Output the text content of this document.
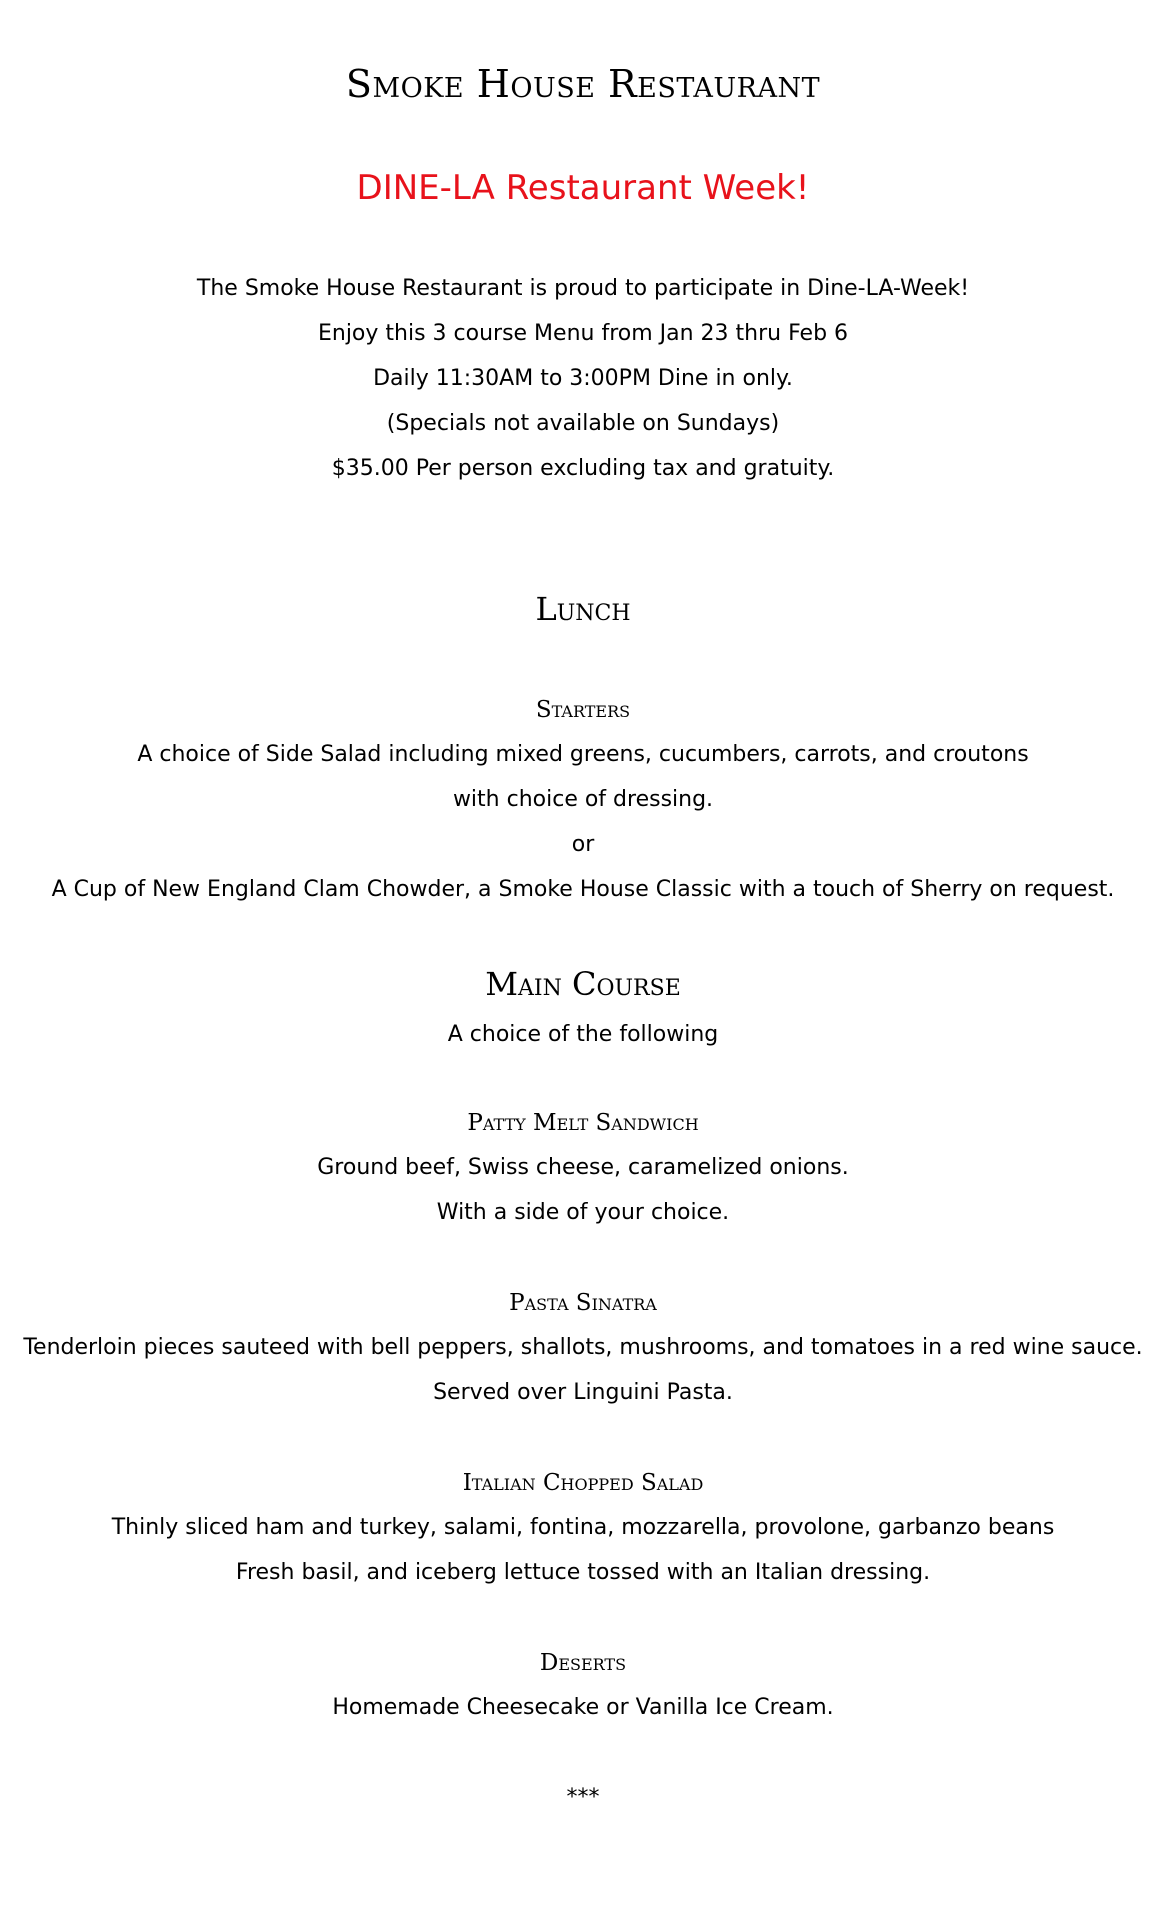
Smoke House Restaurant
DINE-LA Restaurant Week!
The Smoke House Restaurant is proud to participate in Dine-LA-Week!
Enjoy this 3 course Menu from Jan 23 thru Feb 6
Daily 11:30AM to 3:00PM Dine in only.
(Specials not available on Sundays)
$35.00 Per person excluding tax and gratuity.
Lunch
Starters
A choice of Side Salad including mixed greens, cucumbers, carrots, and croutons
with choice of dressing.
or
A Cup of New England Clam Chowder, a Smoke House Classic with a touch of Sherry on request.
Main Course
A choice of the following
Patty Melt Sandwich
Ground beef, Swiss cheese, caramelized onions.
With a side of your choice.
Pasta Sinatra
Tenderloin pieces sauteed with bell peppers, shallots, mushrooms, and tomatoes in a red wine sauce.
Served over Linguini Pasta.
Italian Chopped Salad
Thinly sliced ham and turkey, salami, fontina, mozzarella, provolone, garbanzo beans
Fresh basil, and iceberg lettuce tossed with an Italian dressing.
Deserts
Homemade Cheesecake or Vanilla Ice Cream.
***
